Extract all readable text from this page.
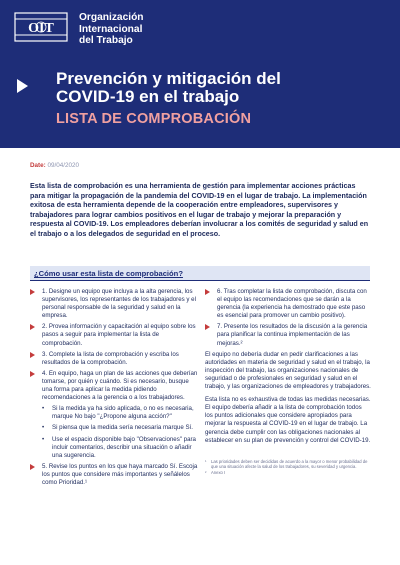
OIT
Organización
Internacional
del Trabajo
Prevención y mitigación del
COVID-19 en el trabajo
LISTA DE COMPROBACIÓN
Date: 09/04/2020
Esta lista de comprobación es una herramienta de gestión para implementar acciones prácticas para mitigar la propagación de la pandemia del COVID-19 en el lugar de trabajo. La implementación exitosa de esta herramienta depende de la cooperación entre empleadores, supervisores y trabajadores para lograr cambios positivos en el lugar de trabajo y mejorar la preparación y respuesta al COVID-19. Los empleadores deberían involucrar a los comités de seguridad y salud en el trabajo o a los delegados de seguridad en el proceso.
¿Cómo usar esta lista de comprobación?
1. Designe un equipo que incluya a la alta gerencia, los supervisores, los representantes de los trabajadores y el personal responsable de la seguridad y salud en la empresa.
2. Provea información y capacitación al equipo sobre los pasos a seguir para implementar la lista de comprobación.
3. Complete la lista de comprobación y escriba los resultados de la comprobación.
4. En equipo, haga un plan de las acciones que deberían tomarse, por quién y cuándo. Si es necesario, busque una forma para aplicar la medida pidiendo recomendaciones a la gerencia o a los trabajadores.
• Si la medida ya ha sido aplicada, o no es necesaria, marque No bajo "¿Propone alguna acción?"
• Si piensa que la medida sería necesaria marque Sí.
• Use el espacio disponible bajo "Observaciones" para incluir comentarios, describir una situación o añadir una sugerencia.
5. Revise los puntos en los que haya marcado Sí. Escoja los puntos que considere más importantes y señálelos como Prioridad.¹
6. Tras completar la lista de comprobación, discuta con el equipo las recomendaciones que se darán a la gerencia (la experiencia ha demostrado que este paso es esencial para promover un cambio positivo).
7. Presente los resultados de la discusión a la gerencia para planificar la continua implementación de las mejoras.²
El equipo no debería dudar en pedir clarificaciones a las autoridades en materia de seguridad y salud en el trabajo, la inspección del trabajo, las organizaciones nacionales de seguridad o de profesionales en seguridad y salud en el trabajo, y las organizaciones de empleadores y trabajadores.
Esta lista no es exhaustiva de todas las medidas necesarias. El equipo debería añadir a la lista de comprobación todos los puntos adicionales que considere apropiados para mejorar la respuesta al COVID-19 en el lugar de trabajo. La gerencia debe cumplir con las obligaciones nacionales al establecer en su plan de prevención y control del COVID-19.
¹ Las prioridades deben ser decididas de acuerdo a la mayor o menor probabilidad de que una situación afecte la salud de los trabajadores, su severidad y urgencia.
² Anexo I
